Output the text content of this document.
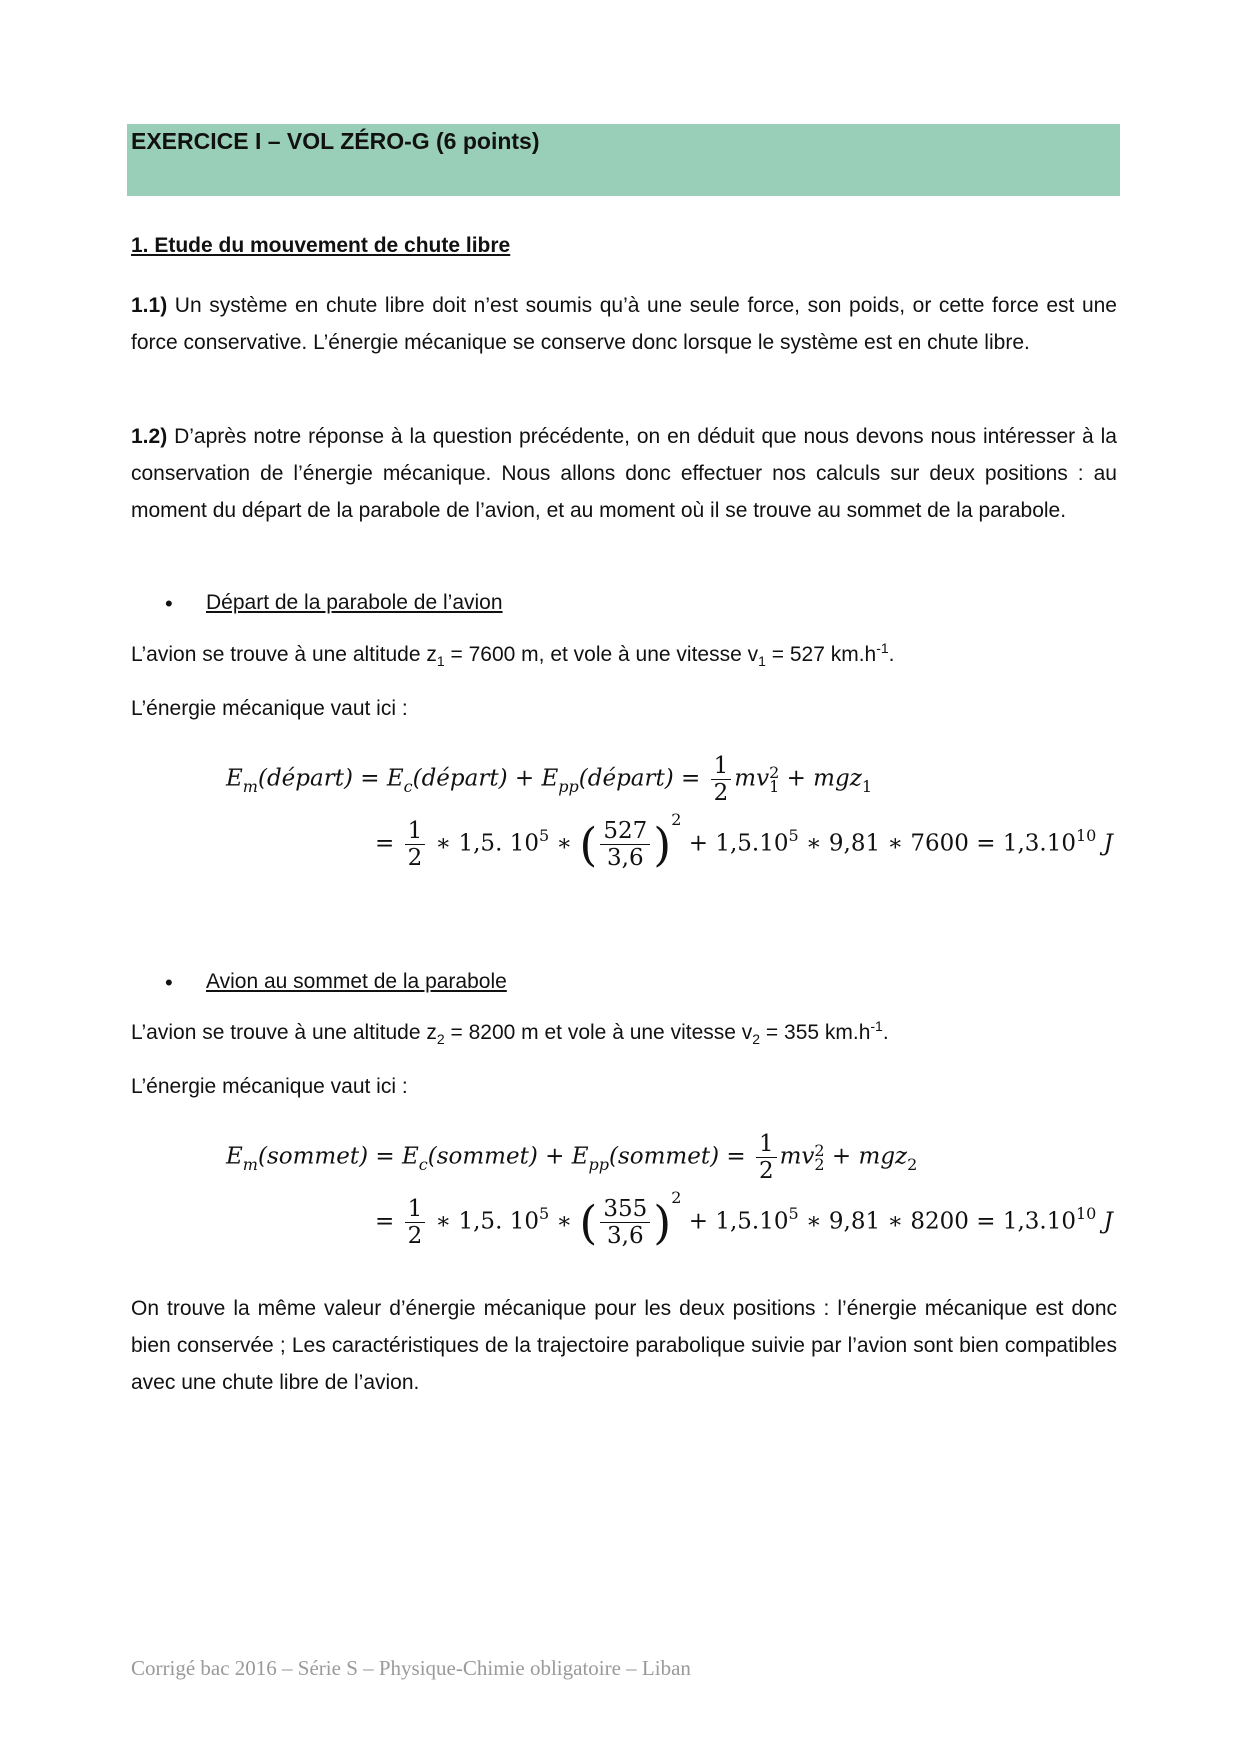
EXERCICE I – VOL ZÉRO-G (6 points)
1. Etude du mouvement de chute libre
1.1) Un système en chute libre doit n’est soumis qu’à une seule force, son poids, or cette force est une force conservative. L’énergie mécanique se conserve donc lorsque le système est en chute libre.
1.2) D’après notre réponse à la question précédente, on en déduit que nous devons nous intéresser à la conservation de l’énergie mécanique. Nous allons donc effectuer nos calculs sur deux positions : au moment du départ de la parabole de l’avion, et au moment où il se trouve au sommet de la parabole.
• Départ de la parabole de l’avion
L’avion se trouve à une altitude $z_1 = 7600$ m, et vole à une vitesse $v_1 = 527$ $km.h^{-1}$.
L’énergie mécanique vaut ici :
$E_m(départ)$ = $E_c(départ)$ + $E_{pp}(départ) = \frac{1}{2}$ mv 2
1 + mgz$_1$
= $\frac{1}{2}$ ∗ 1,5. $10^5$ ∗ ( $\frac{527}{3,6} )^2 + 1,5.10^5$ ∗ 9,81 ∗ $7600 = 1,3.10^{10}$ J
• Avion au sommet de la parabole
L’avion se trouve à une altitude $z_2 = 8200$ m et vole à une vitesse $v_2 = 355$ $km.h^{-1}$.
L’énergie mécanique vaut ici :
$E_m(sommet)$ = $E_c(sommet)$ + $E_{pp}(sommet) = \frac{1}{2}$ mv 2
2 + mgz$_2$
= $\frac{1}{2}$ ∗ 1,5. $10^5$ ∗ ( $\frac{355}{3,6} )^2 + 1,5.10^5$ ∗ 9,81 ∗ $8200 = 1,3.10^{10}$ J
On trouve la même valeur d’énergie mécanique pour les deux positions : l’énergie mécanique est donc bien conservée ; Les caractéristiques de la trajectoire parabolique suivie par l’avion sont bien compatibles avec une chute libre de l’avion.
Corrigé bac 2016 – Série S – Physique-Chimie obligatoire – Liban
